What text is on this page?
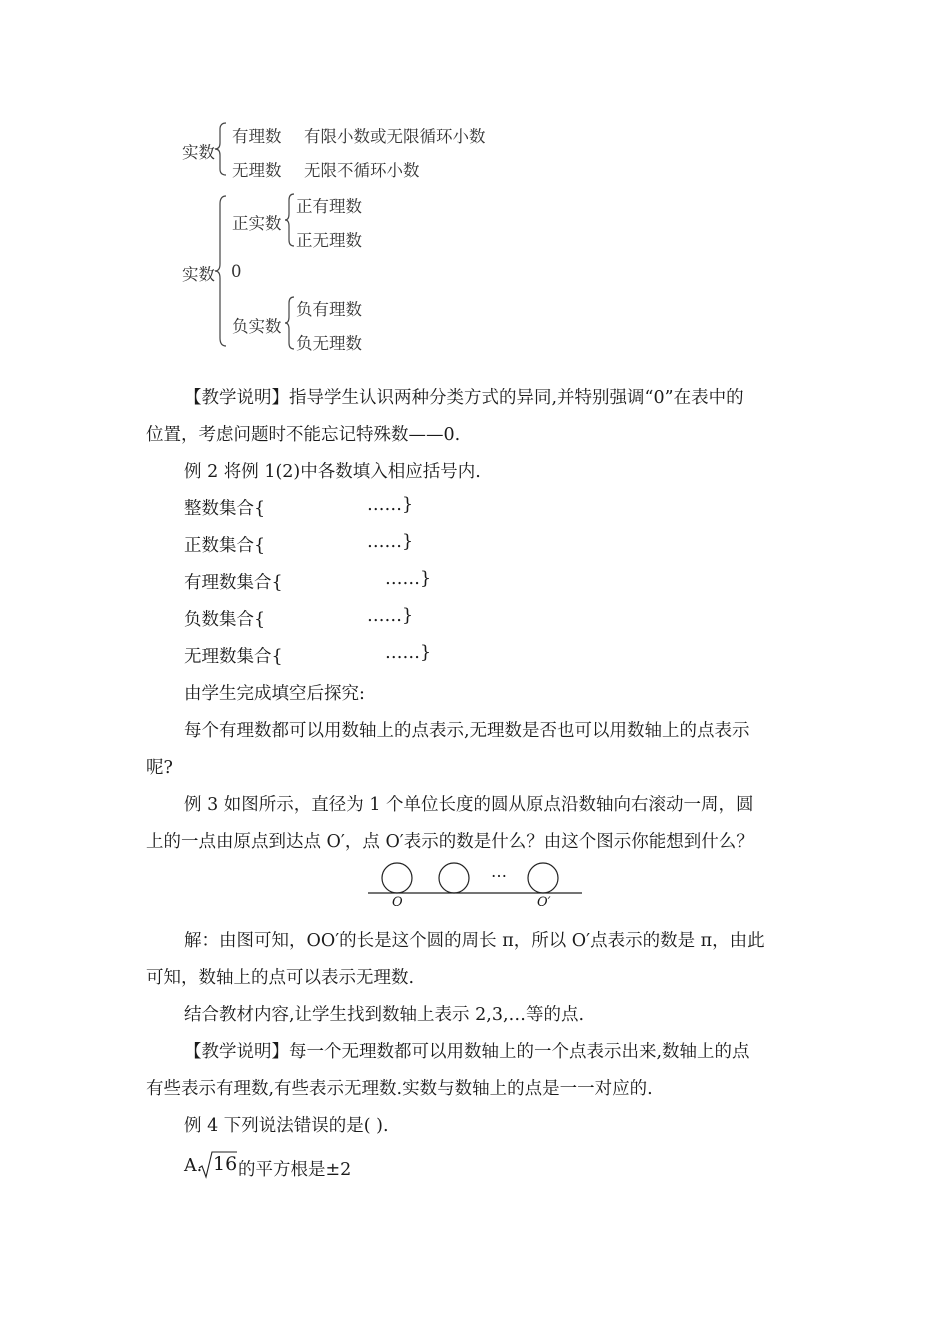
实数
有理数 有限小数或无限循环小数
无理数 无限不循环小数
实数
正实数
正有理数
正无理数
0
负实数
负有理数
负无理数
【教学说明】指导学生认识两种分类方式的异同,并特别强调“0”在表中的
位置，考虑问题时不能忘记特殊数——0.
例 2 将例 1(2)中各数填入相应括号内.
整数集合{	……}
正数集合{	……}
有理数集合{	……}
负数集合{	……}
无理数集合{	……}
由学生完成填空后探究:
每个有理数都可以用数轴上的点表示,无理数是否也可以用数轴上的点表示
呢?
例 3 如图所示，直径为 1 个单位长度的圆从原点沿数轴向右滚动一周，圆
上的一点由原点到达点 O′，点 O′表示的数是什么？由这个图示你能想到什么？
…
O	O′
解：由图可知，OO′的长是这个圆的周长 π，所以 O′点表示的数是 π，由此
可知，数轴上的点可以表示无理数.
结合教材内容,让学生找到数轴上表示 2,3,…等的点.
【教学说明】每一个无理数都可以用数轴上的一个点表示出来,数轴上的点
有些表示有理数,有些表示无理数.实数与数轴上的点是一一对应的.
例 4 下列说法错误的是( ).
A. 16 的平方根是±2
